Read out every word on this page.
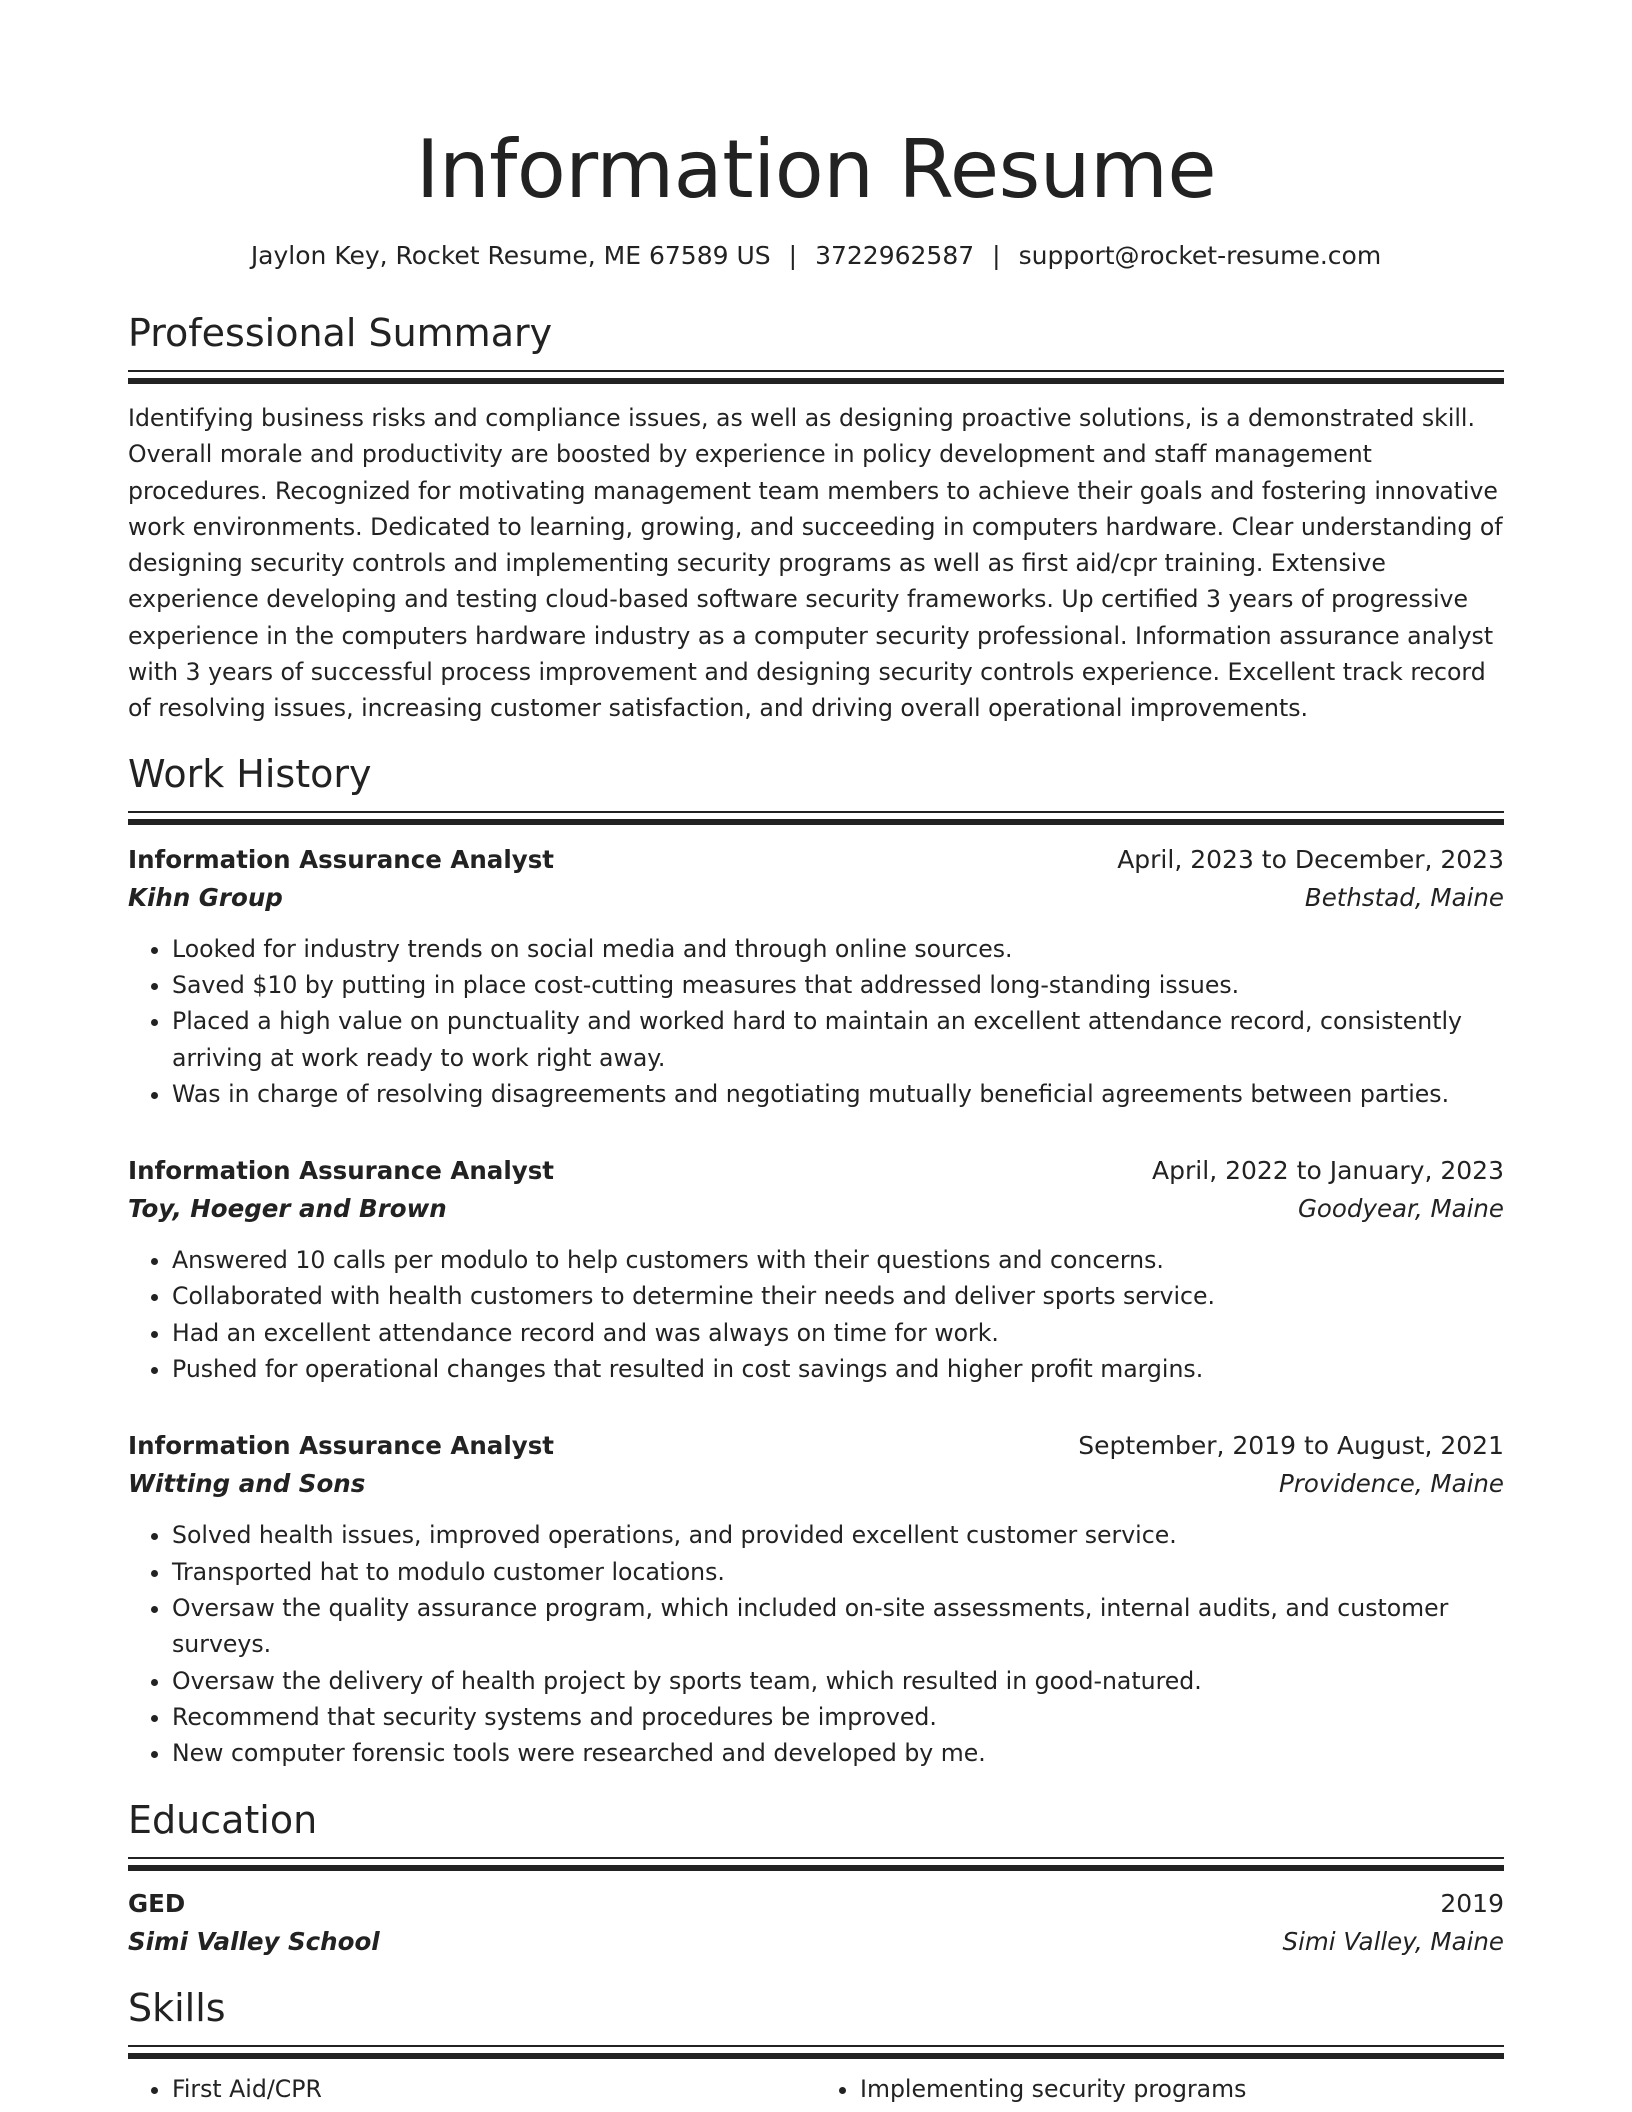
Information Resume
Jaylon Key, Rocket Resume, ME 67589 US | 3722962587 | support@rocket-resume.com
Professional Summary

Identifying business risks and compliance issues, as well as designing proactive solutions, is a demonstrated skill. Overall morale and productivity are boosted by experience in policy development and staff management procedures. Recognized for motivating management team members to achieve their goals and fostering innovative work environments. Dedicated to learning, growing, and succeeding in computers hardware. Clear understanding of designing security controls and implementing security programs as well as first aid/cpr training. Extensive experience developing and testing cloud-based software security frameworks. Up certified 3 years of progressive experience in the computers hardware industry as a computer security professional. Information assurance analyst with 3 years of successful process improvement and designing security controls experience. Excellent track record of resolving issues, increasing customer satisfaction, and driving overall operational improvements.

Work History
Information Assurance Analyst	April, 2023 to December, 2023
Kihn Group	Bethstad, Maine
• Looked for industry trends on social media and through online sources.
• Saved $10 by putting in place cost-cutting measures that addressed long-standing issues.
• Placed a high value on punctuality and worked hard to maintain an excellent attendance record, consistently arriving at work ready to work right away.
• Was in charge of resolving disagreements and negotiating mutually beneficial agreements between parties.
Information Assurance Analyst	April, 2022 to January, 2023
Toy, Hoeger and Brown	Goodyear, Maine
• Answered 10 calls per modulo to help customers with their questions and concerns.
• Collaborated with health customers to determine their needs and deliver sports service.
• Had an excellent attendance record and was always on time for work.
• Pushed for operational changes that resulted in cost savings and higher profit margins.
Information Assurance Analyst	September, 2019 to August, 2021
Witting and Sons	Providence, Maine
• Solved health issues, improved operations, and provided excellent customer service.
• Transported hat to modulo customer locations.
• Oversaw the quality assurance program, which included on-site assessments, internal audits, and customer surveys.
• Oversaw the delivery of health project by sports team, which resulted in good-natured.
• Recommend that security systems and procedures be improved.
• New computer forensic tools were researched and developed by me.
Education
GED	2019
Simi Valley School	Simi Valley, Maine
Skills
• First Aid/CPR
•	Implementing security programs
